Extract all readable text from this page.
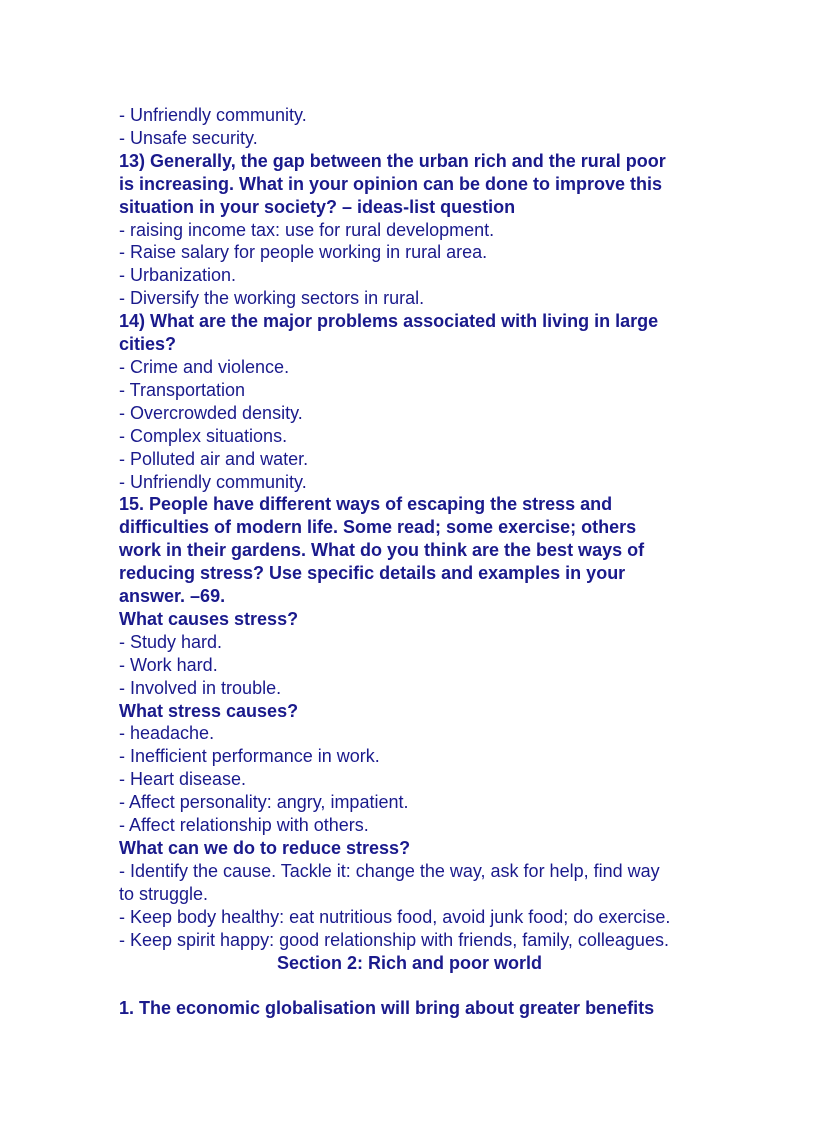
- Unfriendly community.

- Unsafe security.

13) Generally, the gap between the urban rich and the rural poor

is increasing. What in your opinion can be done to improve this

situation in your society? – ideas-list question

- raising income tax: use for rural development.

- Raise salary for people working in rural area.

- Urbanization.

- Diversify the working sectors in rural.

14) What are the major problems associated with living in large

cities?

- Crime and violence.

- Transportation

- Overcrowded density.

- Complex situations.

- Polluted air and water.

- Unfriendly community.

15. People have different ways of escaping the stress and

difficulties of modern life. Some read; some exercise; others

work in their gardens. What do you think are the best ways of

reducing stress? Use specific details and examples in your

answer. –69.

What causes stress?

- Study hard.

- Work hard.

- Involved in trouble.

What stress causes?

- headache.

- Inefficient performance in work.

- Heart disease.

- Affect personality: angry, impatient.

- Affect relationship with others.

What can we do to reduce stress?

- Identify the cause. Tackle it: change the way, ask for help, find way

to struggle.

- Keep body healthy: eat nutritious food, avoid junk food; do exercise.

- Keep spirit happy: good relationship with friends, family, colleagues.

Section 2: Rich and poor world

1. The economic globalisation will bring about greater benefits
